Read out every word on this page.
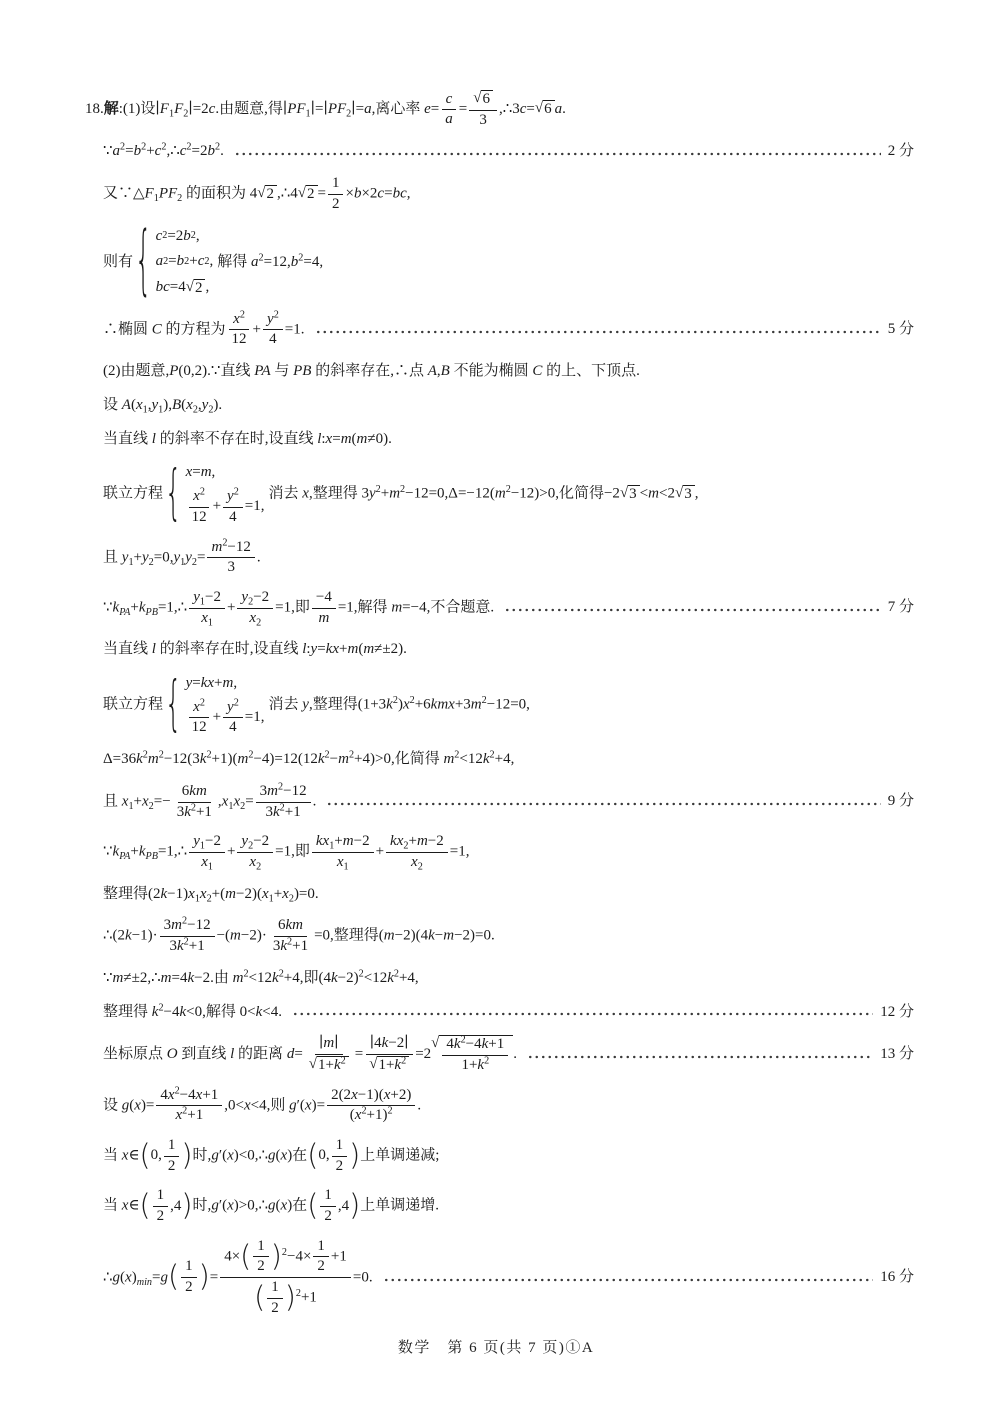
18.解:(1)设$∣F_1F_2∣=2c$.由题意,得$∣PF_1∣=∣PF_2∣=a$,离心率 $e= \frac{c}{a} = \frac{√ 6}{3}$ ,∴3c= √ 6 a.
$\because a^2=b^2+c^2,\therefore c^2=2b^2$.	2 分
又$\because\triangle F_1PF_2$ 的面积为 4 √ 2 ,∴4 √ $2 = \frac{1}{2} \times b\times 2c=bc$,
则有 { c 2 =2 b 2 ,
a 2 = b 2 + c 2 ,
bc =4 √ 2 ,
解得 $a^2=12,b^2=4$,
∴椭圆 C 的方程为 $\frac{x^2}{12} + \frac{y^2}{4} =1$.	5 分
(2)由题意,P(0,2).∵直线 PA 与 PB 的斜率存在,∴点 A,B 不能为椭圆 C 的上、下顶点.
设 $A(x_1,y_1),B(x_2,y_2)$.
当直线 l 的斜率不存在时,设直线 l:x=m(m≠0).
联立方程 { x = m ,
$\frac{x^2}{12} + \frac{y^2}{4} =1$,
消去 x,整理得 $3y^2+m^2-12=0,\Delta=-12(m^2-12)>0$,化简得−2 √ 3 <m<2 √ 3 ,
且 $y_1+y_2=0,y_1y_2= \frac{m^2-12}{3}$ .
$\because k_{PA}+k_{PB}=1,\therefore \frac{y_1-2}{x_1} + \frac{y_2-2}{x_2} =1$,即 $\frac{-4}{m} =1$,解得 m=−4,不合题意.	7 分
当直线 l 的斜率存在时,设直线 l:y=kx+m(m≠±2).
联立方程 { y = kx + m ,
$\frac{x^2}{12} + \frac{y^2}{4} =1$,
消去 y,整理得$(1+3k^2)x^2+6kmx+3m^2-12=0$,
$\Delta=36k^2m^2-12(3k^2+1)(m^2-4)=12(12k^2-m^2+4)>0$,化简得 $m^2<12k^2+4$,
且 $x_1+x_2=- \frac{6km}{3k^2+1} ,x_1x_2= \frac{3m^2-12}{3k^2+1}$ .	9 分
$\because k_{PA}+k_{PB}=1,\therefore \frac{y_1-2}{x_1} + \frac{y_2-2}{x_2} =1$,即 $\frac{kx_1+m-2}{x_1} + \frac{kx_2+m-2}{x_2} =1$,
整理得$(2k-1)x_1x_2+(m-2)(x_1+x_2)=0$.
∴(2k−1)· $\frac{3m^2-12}{3k^2+1} -(m-2)\cdot \frac{6km}{3k^2+1} =0$,整理得(m−2)(4k−m−2)=0.
∵m≠±2,∴m=4k−2.由 $m^2<12k^2+4$,即$(4k-2)^2<12k^2+4$,
整理得 $k^2-4k<0$,解得 0<k<4.	12 分
坐标原点 O 到直线 l 的距离 $d= \frac{∣m∣}{√ 1+k^2} = \frac{∣4k-2∣}{√ 1+k^2} =2$
√ $\frac{4k^2-4k+1}{1+k^2}$ .	13 分
设 $g(x)= \frac{4x^2-4x+1}{x^2+1} ,0<x<4$,则 $g'(x)= \frac{2(2x-1)(x+2)}{(x^2+1)^2}$ .
当 x∈ ( 0, $\frac{1}{2}$ ) 时,g′(x)<0,∴g(x)在 ( 0, $\frac{1}{2}$ ) 上单调递减;
当 x∈ ( $\frac{1}{2} ,4$ ) 时,g′(x)>0,∴g(x)在 ( $\frac{1}{2} ,4$ ) 上单调递增.
$\therefore g(x)_{min}=g$ ( $\frac{1}{2}$ ) = $\frac{4\times ( \frac{1}{2} ) ^2-4\times \frac{1}{2} +1}{( \frac{1}{2} ) ^2+1} =0$.	16 分
数学　第 6 页(共 7 页)①A
